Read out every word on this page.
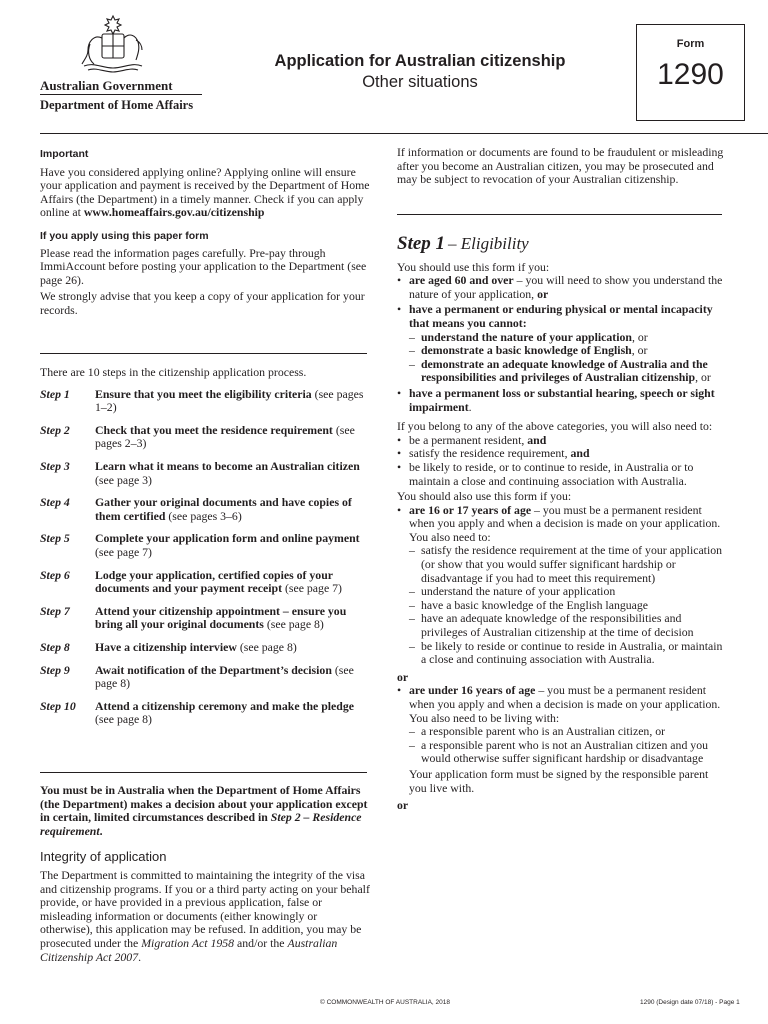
Australian Government
Department of Home Affairs
Application for Australian citizenship
Other situations
Form
1290
Important

Have you considered applying online? Applying online will ensure your application and payment is received by the Department of Home Affairs (the Department) in a timely manner. Check if you can apply online at www.homeaffairs.gov.au/citizenship

If you apply using this paper form

Please read the information pages carefully. Pre-pay through ImmiAccount before posting your application to the Department (see page 26).

We strongly advise that you keep a copy of your application for your records.

There are 10 steps in the citizenship application process.

Step 1	Ensure that you meet the eligibility criteria (see pages 1–2)
Step 2	Check that you meet the residence requirement (see pages 2–3)
Step 3	Learn what it means to become an Australian citizen (see page 3)
Step 4	Gather your original documents and have copies of them certified (see pages 3–6)
Step 5	Complete your application form and online payment (see page 7)
Step 6	Lodge your application, certified copies of your documents and your payment receipt (see page 7)
Step 7	Attend your citizenship appointment – ensure you bring all your original documents (see page 8)
Step 8	Have a citizenship interview (see page 8)
Step 9	Await notification of the Department’s decision (see page 8)
Step 10	Attend a citizenship ceremony and make the pledge (see page 8)

You must be in Australia when the Department of Home Affairs (the Department) makes a decision about your application except in certain, limited circumstances described in Step 2 – Residence requirement.

Integrity of application

The Department is committed to maintaining the integrity of the visa and citizenship programs. If you or a third party acting on your behalf provide, or have provided in a previous application, false or misleading information or documents (either knowingly or otherwise), this application may be refused. In addition, you may be prosecuted under the Migration Act 1958 and/or the Australian Citizenship Act 2007.

If information or documents are found to be fraudulent or misleading after you become an Australian citizen, you may be prosecuted and may be subject to revocation of your Australian citizenship.

Step 1 – Eligibility

You should use this form if you:

• are aged 60 and over – you will need to show you understand the nature of your application, or
• have a permanent or enduring physical or mental incapacity that means you cannot:
– understand the nature of your application, or
– demonstrate a basic knowledge of English, or
– demonstrate an adequate knowledge of Australia and the responsibilities and privileges of Australian citizenship, or
• have a permanent loss or substantial hearing, speech or sight impairment.

If you belong to any of the above categories, you will also need to:

• be a permanent resident, and
• satisfy the residence requirement, and
• be likely to reside, or to continue to reside, in Australia or to maintain a close and continuing association with Australia.

You should also use this form if you:

• are 16 or 17 years of age – you must be a permanent resident when you apply and when a decision is made on your application. You also need to:
– satisfy the residence requirement at the time of your application (or show that you would suffer significant hardship or disadvantage if you had to meet this requirement)
– understand the nature of your application
– have a basic knowledge of the English language
– have an adequate knowledge of the responsibilities and privileges of Australian citizenship at the time of decision
– be likely to reside or continue to reside in Australia, or maintain a close and continuing association with Australia.

or

• are under 16 years of age – you must be a permanent resident when you apply and when a decision is made on your application. You also need to be living with:
– a responsible parent who is an Australian citizen, or
– a responsible parent who is not an Australian citizen and you would otherwise suffer significant hardship or disadvantage

Your application form must be signed by the responsible parent you live with.

or

© COMMONWEALTH OF AUSTRALIA, 2018	1290 (Design date 07/18) - Page 1
